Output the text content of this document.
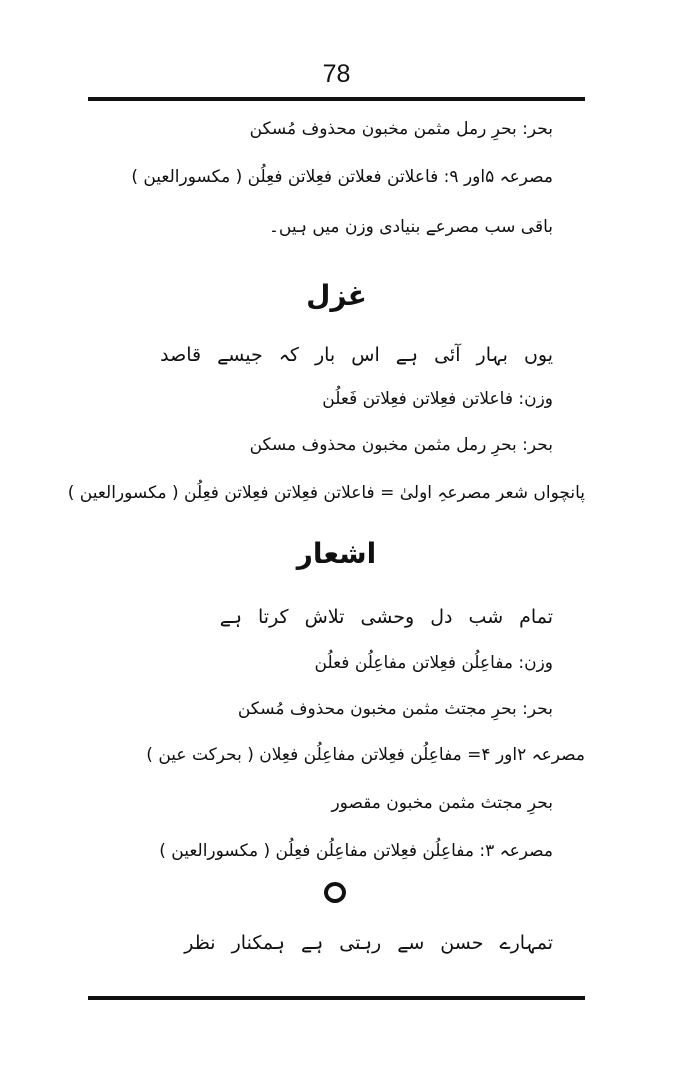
78
بحر: بحرِ رمل مثمن مخبون محذوف مُسکن
مصرعہ ۵اور ۹: فاعلاتن فعلاتن فعِلاتن فعِلُن ( مکسورالعین )
باقی سب مصرعے بنیادی وزن میں ہیں۔
غزل
یوں بہار آئی ہے اس بار کہ جیسے قاصد
وزن: فاعلاتن فعِلاتن فعِلاتن فَعلُن
بحر: بحرِ رمل مثمن مخبون محذوف مسکن
پانچواں شعر مصرعہِ اولیٰ = فاعلاتن فعِلاتن فعِلاتن فعِلُن ( مکسورالعین )
اشعار
تمام شب دل وحشی تلاش کرتا ہے
وزن: مفاعِلُن فعِلاتن مفاعِلُن فعلُن
بحر: بحرِ مجتث مثمن مخبون محذوف مُسکن
مصرعہ ۲اور ۴= مفاعِلُن فعِلاتن مفاعِلُن فعِلان ( بحرکت عین )
بحرِ مجتث مثمن مخبون مقصور
مصرعہ ۳: مفاعِلُن فعِلاتن مفاعِلُن فعِلُن ( مکسورالعین )
تمہارے حسن سے رہتی ہے ہمکنار نظر
